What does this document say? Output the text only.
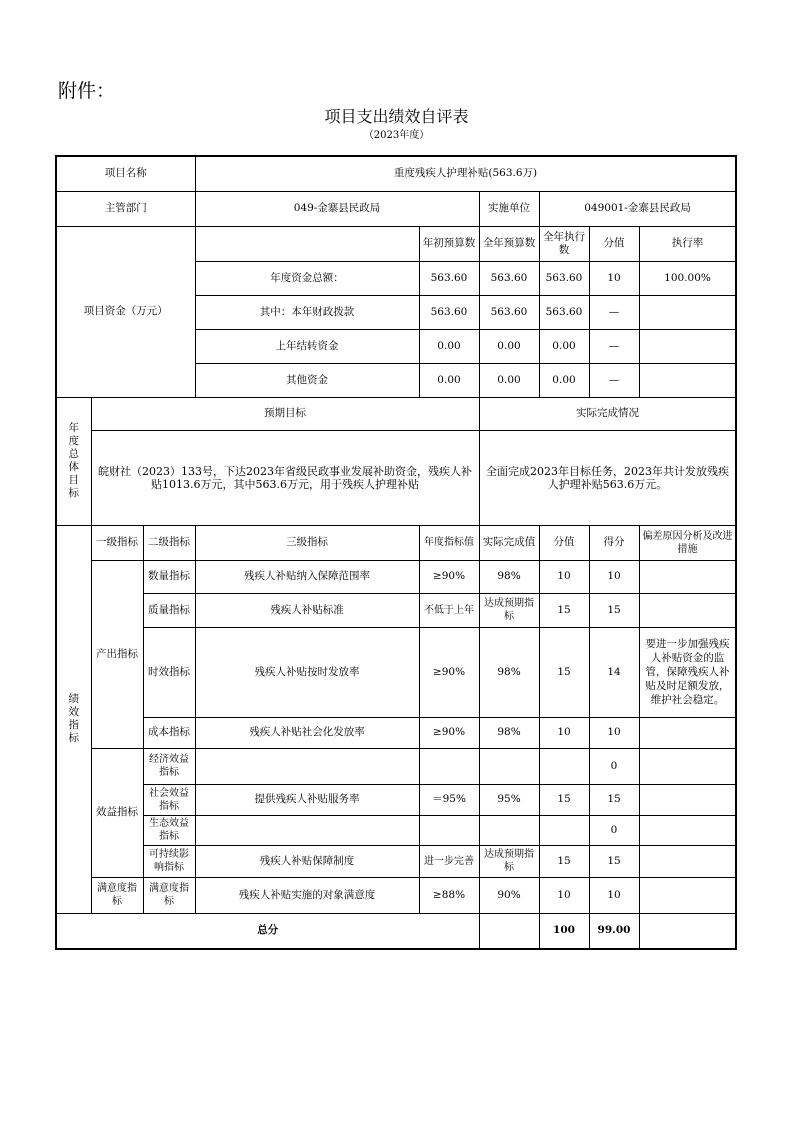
附件：
项目支出绩效自评表
（2023年度）
项目名称			重度残疾人护理补贴(563.6万)						
主管部门			049-金寨县民政局		实施单位	049001-金寨县民政局			
项目资金（万元）				年初预算数	全年预算数	全年执行数	分值	执行率	
			年度资金总额：	563.60	563.60	563.60	10	100.00%	
			其中：本年财政拨款	563.60	563.60	563.60	—		
			上年结转资金	0.00	0.00	0.00	—		
			其他资金	0.00	0.00	0.00	—		
年度总体目标	预期目标				实际完成情况				
	皖财社（2023）133号，下达2023年省级民政事业发展补助资金，残疾人补贴1013.6万元，其中563.6万元，用于残疾人护理补贴				全面完成2023年目标任务，2023年共计发放残疾人护理补贴563.6万元。				
绩效指标	一级指标	二级指标	三级指标	年度指标值	实际完成值	分值	得分	偏差原因分析及改进措施	
	产出指标	数量指标	残疾人补贴纳入保障范围率	≥90%	98%	10	10		
		质量指标	残疾人补贴标准	不低于上年	达成预期指标	15	15		
		时效指标	残疾人补贴按时发放率	≥90%	98%	15	14	要进一步加强残疾人补贴资金的监管，保障残疾人补贴及时足额发放，维护社会稳定。	
		成本指标	残疾人补贴社会化发放率	≥90%	98%	10	10		
	效益指标	经济效益指标					0		
		社会效益指标	提供残疾人补贴服务率	＝95%	95%	15	15		
		生态效益指标					0		
		可持续影响指标	残疾人补贴保障制度	进一步完善	达成预期指标	15	15		
	满意度指标	满意度指标	残疾人补贴实施的对象满意度	≥88%	90%	10	10		
总分						100	99.00		
